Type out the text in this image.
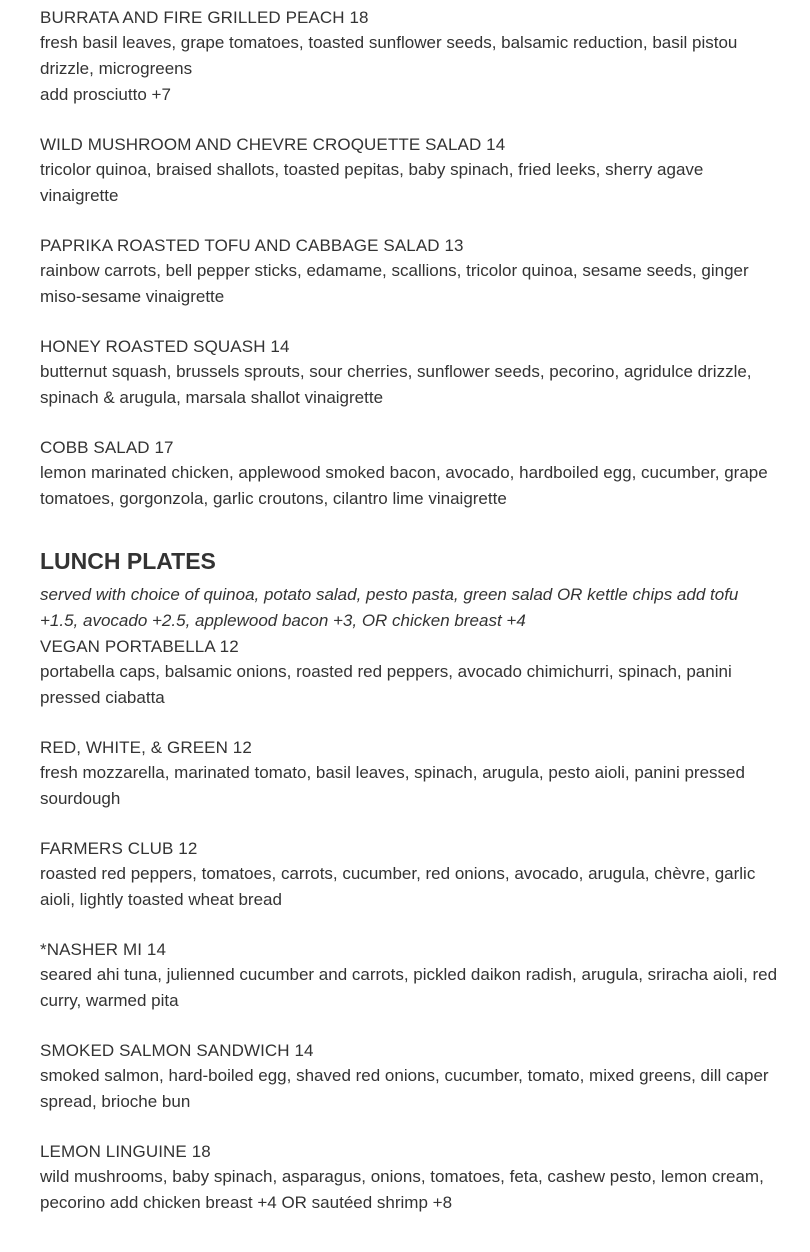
BURRATA AND FIRE GRILLED PEACH 18
fresh basil leaves, grape tomatoes, toasted sunflower seeds, balsamic reduction, basil pistou drizzle, microgreens
add prosciutto +7
WILD MUSHROOM AND CHEVRE CROQUETTE SALAD 14
tricolor quinoa, braised shallots, toasted pepitas, baby spinach, fried leeks, sherry agave vinaigrette
PAPRIKA ROASTED TOFU AND CABBAGE SALAD 13
rainbow carrots, bell pepper sticks, edamame, scallions, tricolor quinoa, sesame seeds, ginger miso-sesame vinaigrette
HONEY ROASTED SQUASH 14
butternut squash, brussels sprouts, sour cherries, sunflower seeds, pecorino, agridulce drizzle, spinach & arugula, marsala shallot vinaigrette
COBB SALAD 17
lemon marinated chicken, applewood smoked bacon, avocado, hardboiled egg, cucumber, grape tomatoes, gorgonzola, garlic croutons, cilantro lime vinaigrette
LUNCH PLATES
served with choice of quinoa, potato salad, pesto pasta, green salad OR kettle chips add tofu +1.5, avocado +2.5, applewood bacon +3, OR chicken breast +4
VEGAN PORTABELLA 12
portabella caps, balsamic onions, roasted red peppers, avocado chimichurri, spinach, panini pressed ciabatta
RED, WHITE, & GREEN 12
fresh mozzarella, marinated tomato, basil leaves, spinach, arugula, pesto aioli, panini pressed sourdough
FARMERS CLUB 12
roasted red peppers, tomatoes, carrots, cucumber, red onions, avocado, arugula, chèvre, garlic aioli, lightly toasted wheat bread
*NASHER MI 14
seared ahi tuna, julienned cucumber and carrots, pickled daikon radish, arugula, sriracha aioli, red curry, warmed pita
SMOKED SALMON SANDWICH 14
smoked salmon, hard-boiled egg, shaved red onions, cucumber, tomato, mixed greens, dill caper spread, brioche bun
LEMON LINGUINE 18
wild mushrooms, baby spinach, asparagus, onions, tomatoes, feta, cashew pesto, lemon cream, pecorino add chicken breast +4 OR sautéed shrimp +8
